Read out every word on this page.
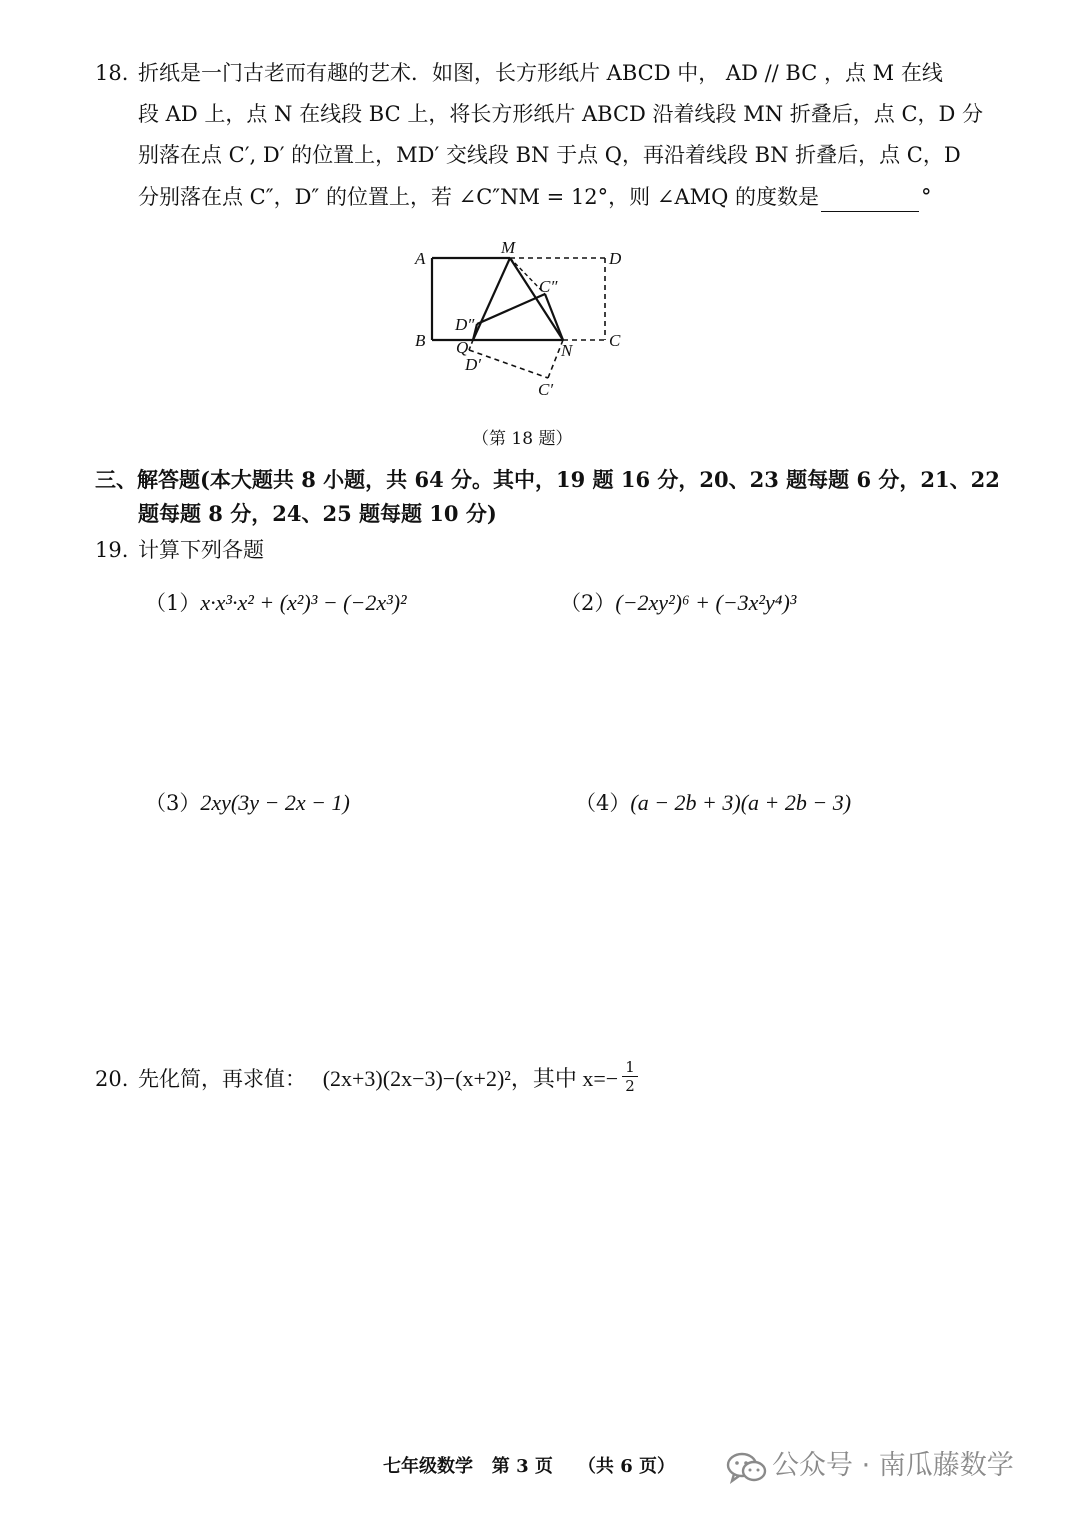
18. 折纸是一门古老而有趣的艺术．如图，长方形纸片 ABCD 中， AD // BC ，点 M 在线
段 AD 上，点 N 在线段 BC 上，将长方形纸片 ABCD 沿着线段 MN 折叠后，点 C，D 分
别落在点 C′, D′ 的位置上，MD′ 交线段 BN 于点 Q，再沿着线段 BN 折叠后，点 C，D
分别落在点 C″，D″ 的位置上，若 ∠C″NM = 12°，则 ∠AMQ 的度数是	°
A
M
D
C″
D″
B Q	N
C
D′
C′
（第 18 题）
三、解答题(本大题共 8 小题，共 64 分。其中，19 题 16 分，20、23 题每题 6 分，21、22
题每题 8 分，24、25 题每题 10 分)
19. 计算下列各题
（1）x·x³·x² + (x²)³ − (−2x³)²	（2）(−2xy²)⁶ + (−3x²y⁴)³
（3）2xy(3y − 2x − 1)	（4）(a − 2b + 3)(a + 2b − 3)
20. 先化简，再求值： (2x+3)(2x−3)−(x+2)²，其中 x=− 1
2
七年级数学   第 3 页    （共 6 页）	公众号 · 南瓜藤数学
